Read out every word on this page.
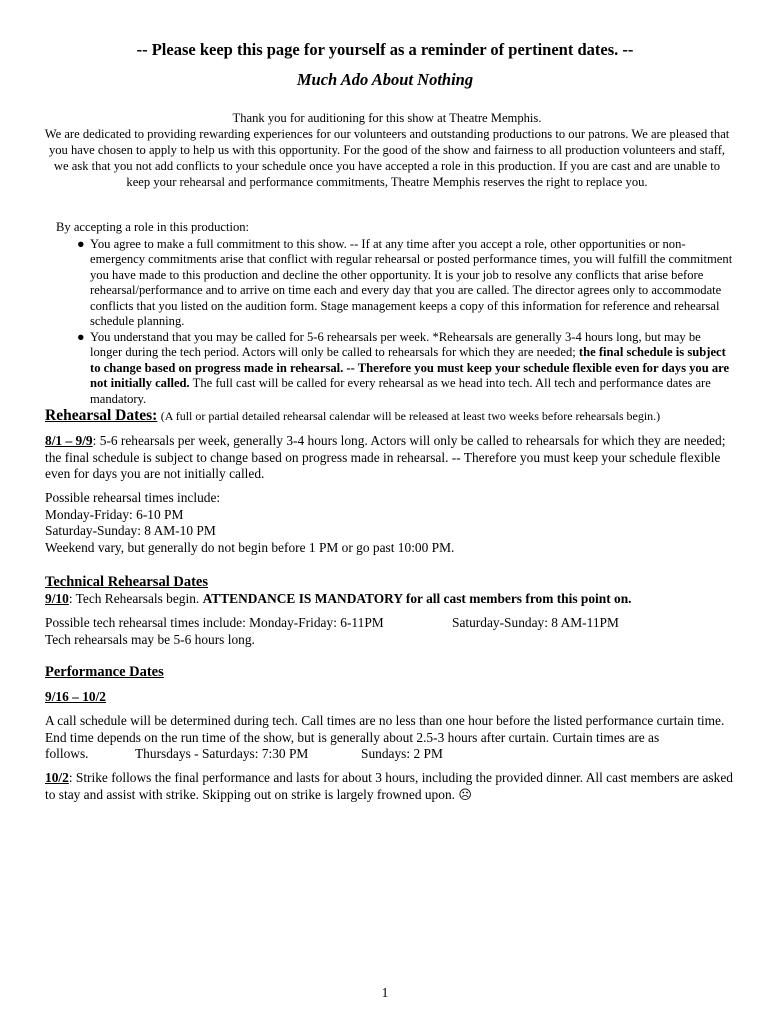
-- Please keep this page for yourself as a reminder of pertinent dates. --
Much Ado About Nothing
Thank you for auditioning for this show at Theatre Memphis.
We are dedicated to providing rewarding experiences for our volunteers and outstanding productions to our patrons. We are pleased that you have chosen to apply to help us with this opportunity. For the good of the show and fairness to all production volunteers and staff, we ask that you not add conflicts to your schedule once you have accepted a role in this production. If you are cast and are unable to keep your rehearsal and performance commitments, Theatre Memphis reserves the right to replace you.
By accepting a role in this production:
● You agree to make a full commitment to this show. -- If at any time after you accept a role, other opportunities or non-emergency commitments arise that conflict with regular rehearsal or posted performance times, you will fulfill the commitment you have made to this production and decline the other opportunity. It is your job to resolve any conflicts that arise before rehearsal/performance and to arrive on time each and every day that you are called. The director agrees only to accommodate conflicts that you listed on the audition form. Stage management keeps a copy of this information for reference and rehearsal schedule planning.
● You understand that you may be called for 5-6 rehearsals per week. *Rehearsals are generally 3-4 hours long, but may be longer during the tech period. Actors will only be called to rehearsals for which they are needed; the final schedule is subject to change based on progress made in rehearsal. -- Therefore you must keep your schedule flexible even for days you are not initially called. The full cast will be called for every rehearsal as we head into tech. All tech and performance dates are mandatory.
Rehearsal Dates: (A full or partial detailed rehearsal calendar will be released at least two weeks before rehearsals begin.)
8/1 – 9/9: 5-6 rehearsals per week, generally 3-4 hours long. Actors will only be called to rehearsals for which they are needed; the final schedule is subject to change based on progress made in rehearsal. -- Therefore you must keep your schedule flexible even for days you are not initially called.
Possible rehearsal times include:
Monday-Friday: 6-10 PM
Saturday-Sunday: 8 AM-10 PM
Weekend vary, but generally do not begin before 1 PM or go past 10:00 PM.
Technical Rehearsal Dates
9/10: Tech Rehearsals begin. ATTENDANCE IS MANDATORY for all cast members from this point on.
Possible tech rehearsal times include: Monday-Friday: 6-11PM	Saturday-Sunday: 8 AM-11PM
Tech rehearsals may be 5-6 hours long.
Performance Dates
9/16 – 10/2
A call schedule will be determined during tech. Call times are no less than one hour before the listed performance curtain time. End time depends on the run time of the show, but is generally about 2.5-3 hours after curtain. Curtain times are as
follows.	Thursdays - Saturdays: 7:30 PM	Sundays: 2 PM
10/2: Strike follows the final performance and lasts for about 3 hours, including the provided dinner. All cast members are asked to stay and assist with strike. Skipping out on strike is largely frowned upon. ☹
1
